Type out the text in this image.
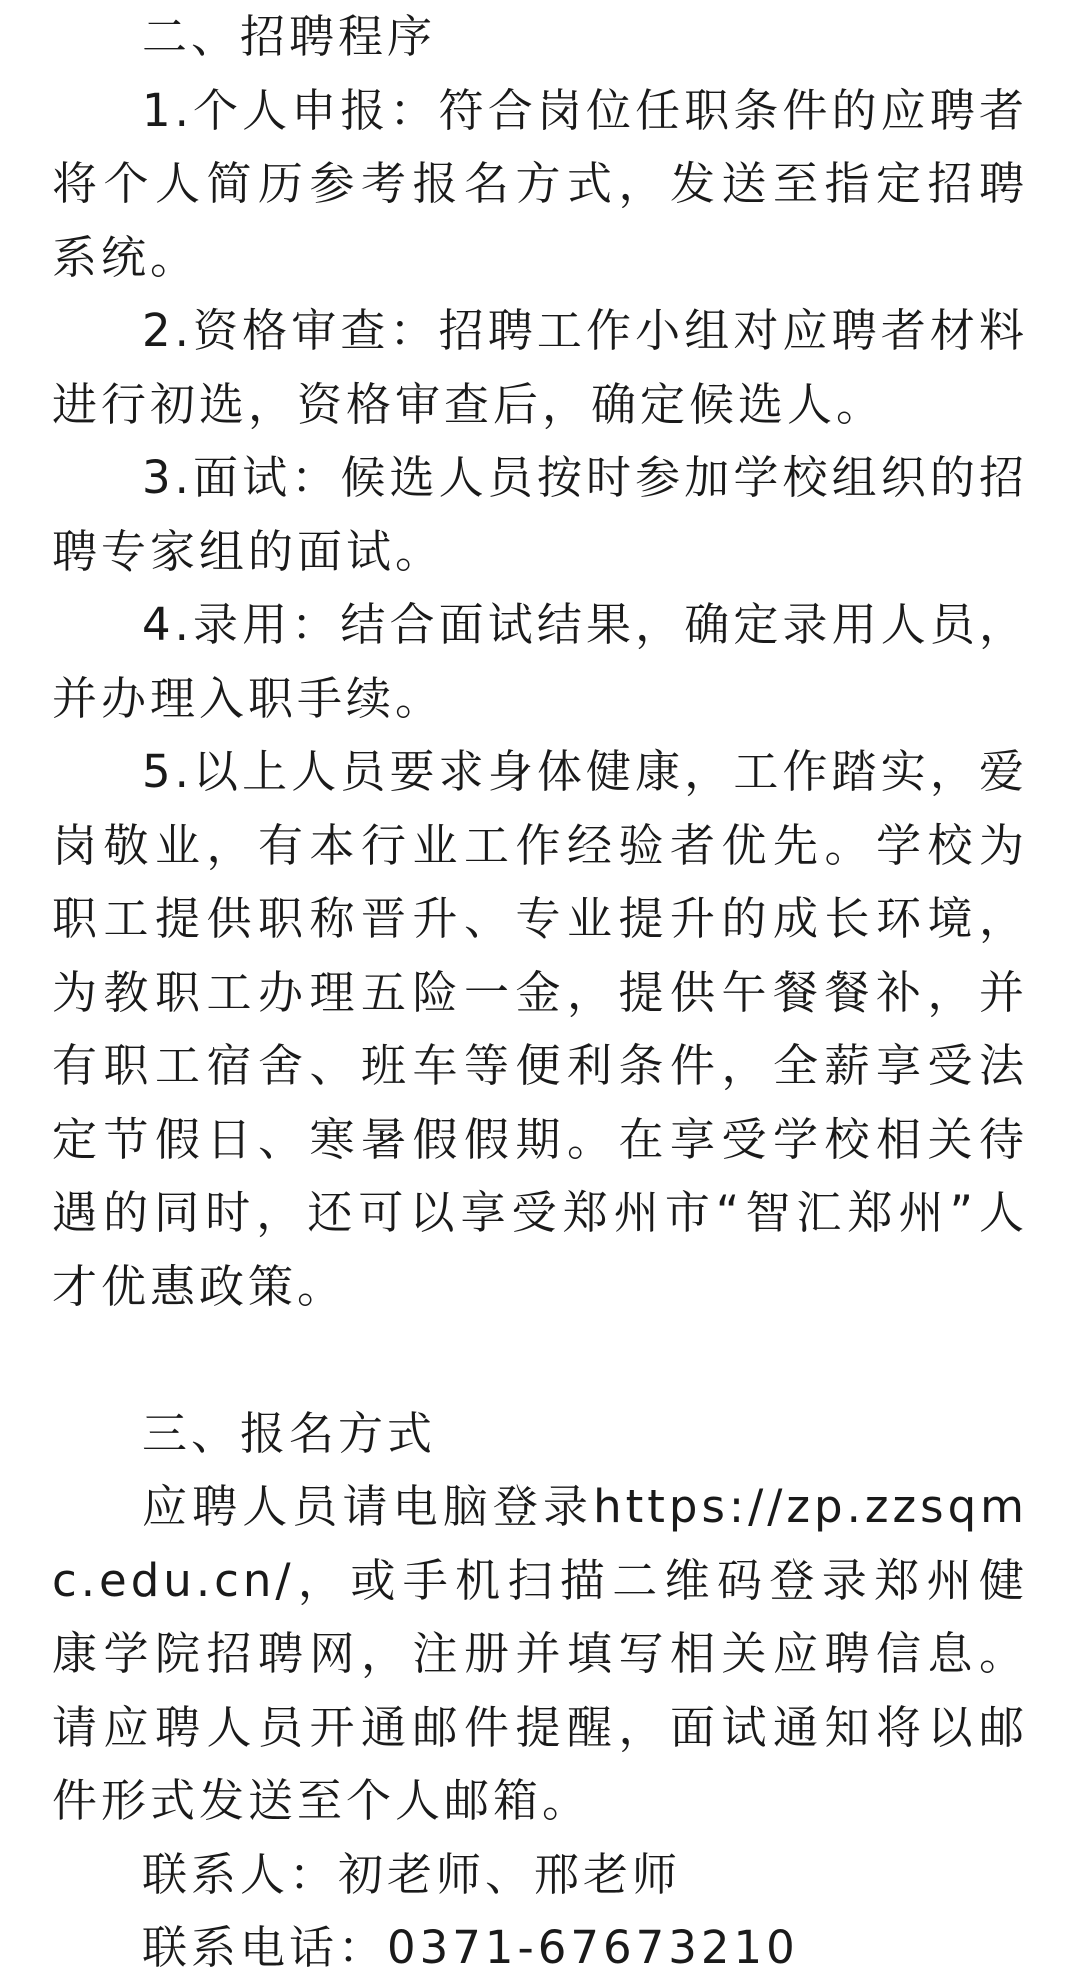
二、招聘程序

1.个人申报：符合岗位任职条件的应聘者将个人简历参考报名方式，发送至指定招聘系统。

2.资格审查：招聘工作小组对应聘者材料进行初选，资格审查后，确定候选人。

3.面试：候选人员按时参加学校组织的招聘专家组的面试。

4.录用：结合面试结果，确定录用人员，并办理入职手续。

5.以上人员要求身体健康，工作踏实，爱岗敬业，有本行业工作经验者优先。学校为职工提供职称晋升、专业提升的成长环境，为教职工办理五险一金，提供午餐餐补，并有职工宿舍、班车等便利条件，全薪享受法定节假日、寒暑假假期。在享受学校相关待遇的同时，还可以享受郑州市“智汇郑州”人才优惠政策。

三、报名方式

应聘人员请电脑登录https://zp.zzsqmc.edu.cn/，或手机扫描二维码登录郑州健康学院招聘网，注册并填写相关应聘信息。请应聘人员开通邮件提醒，面试通知将以邮件形式发送至个人邮箱。

联系人：初老师、邢老师

联系电话：0371-67673210
